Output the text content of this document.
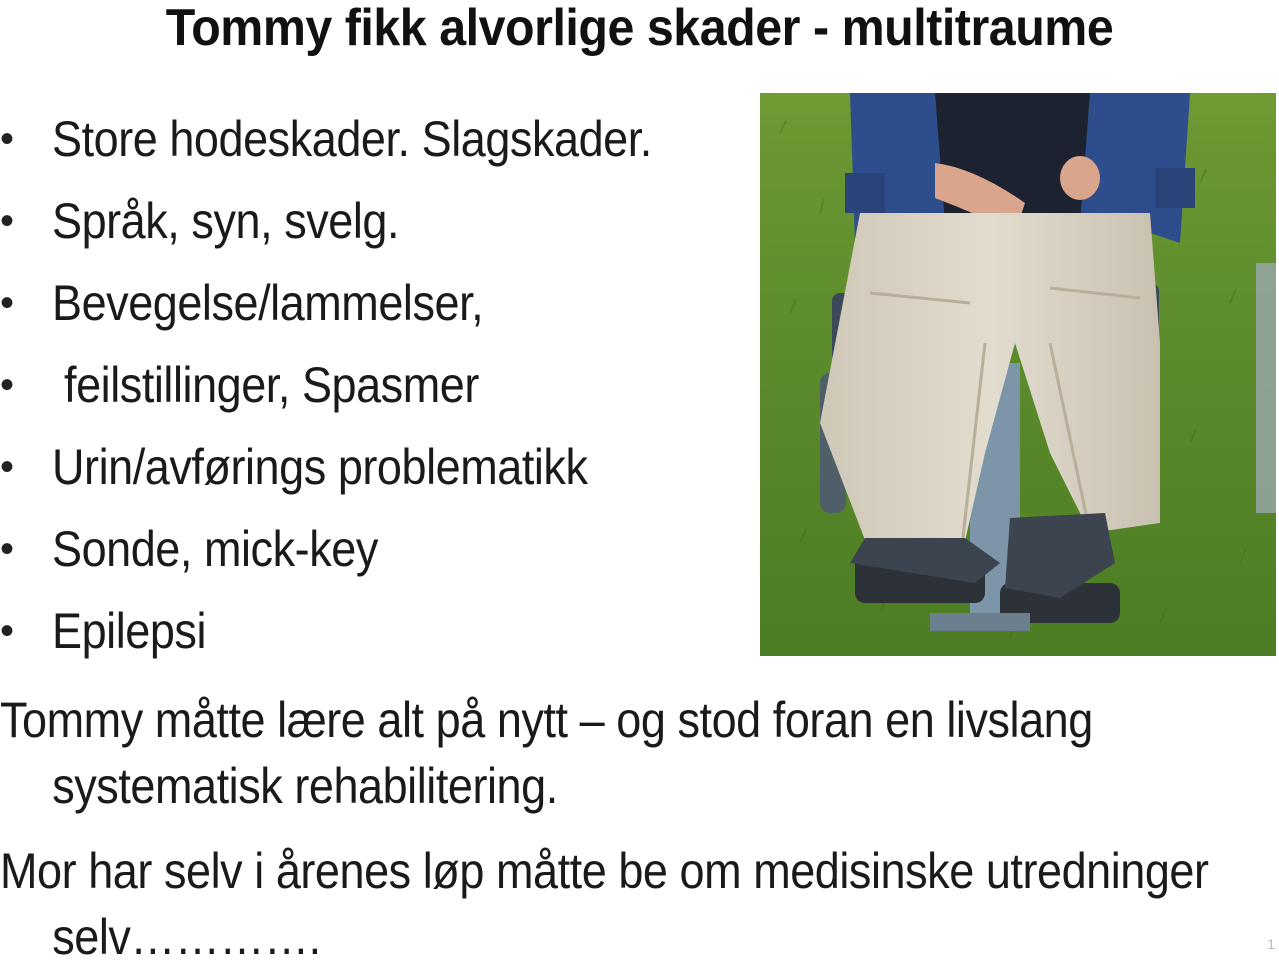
Tommy fikk alvorlige skader - multitraume
• Store hodeskader. Slagskader.
• Språk, syn, svelg.
• Bevegelse/lammelser,
• feilstillinger, Spasmer
• Urin/avførings problematikk
• Sonde, mick-key
• Epilepsi
Tommy måtte lære alt på nytt – og stod foran en livslang
systematisk rehabilitering.
Mor har selv i årenes løp måtte be om medisinske utredninger
selv………….	1
